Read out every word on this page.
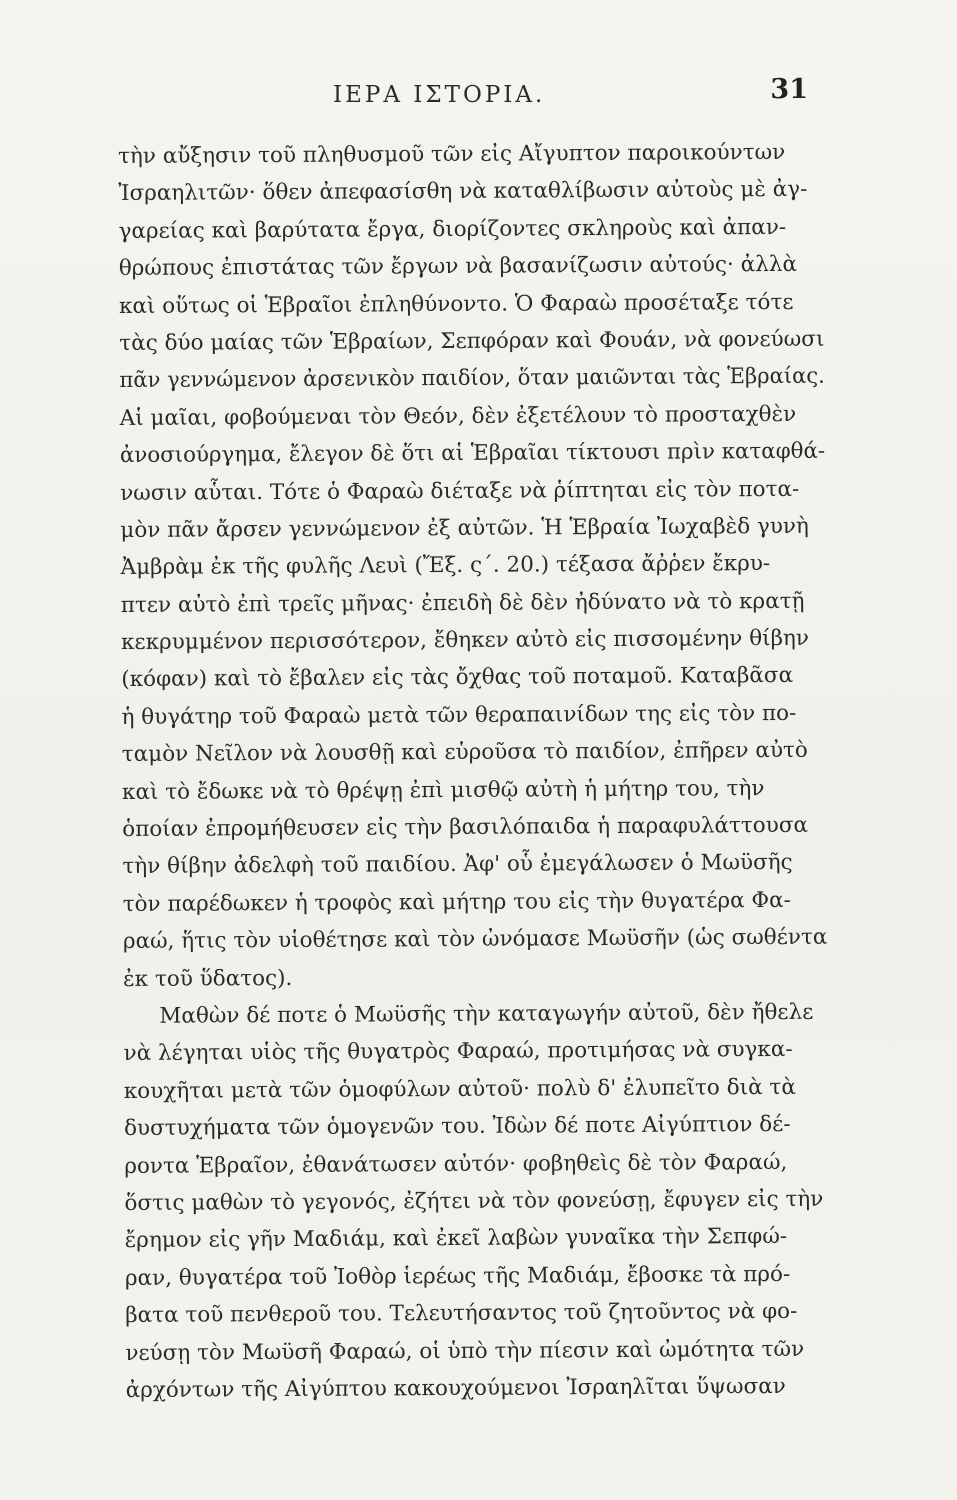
ΙΕΡΑ ΙΣΤΟΡΙΑ.	31
τὴν αὔξησιν τοῦ πληθυσμοῦ τῶν εἰς Αἴγυπτον παροικούντων
Ἰσραηλιτῶν· ὅθεν ἀπεφασίσθη νὰ καταθλίβωσιν αὐτοὺς μὲ ἀγ-
γαρείας καὶ βαρύτατα ἔργα, διορίζοντες σκληροὺς καὶ ἀπαν-
θρώπους ἐπιστάτας τῶν ἔργων νὰ βασανίζωσιν αὐτούς· ἀλλὰ
καὶ οὕτως οἱ Ἑβραῖοι ἐπληθύνοντο. Ὁ Φαραὼ προσέταξε τότε
τὰς δύο μαίας τῶν Ἑβραίων, Σεπφόραν καὶ Φουάν, νὰ φονεύωσι
πᾶν γεννώμενον ἀρσενικὸν παιδίον, ὅταν μαιῶνται τὰς Ἑβραίας.
Αἱ μαῖαι, φοβούμεναι τὸν Θεόν, δὲν ἐξετέλουν τὸ προσταχθὲν
ἀνοσιούργημα, ἔλεγον δὲ ὅτι αἱ Ἑβραῖαι τίκτουσι πρὶν καταφθά-
νωσιν αὗται. Τότε ὁ Φαραὼ διέταξε νὰ ῥίπτηται εἰς τὸν ποτα-
μὸν πᾶν ἄρσεν γεννώμενον ἐξ αὐτῶν. Ἡ Ἑβραία Ἰωχαβὲδ γυνὴ
Ἀμβρὰμ ἐκ τῆς φυλῆς Λευὶ (Ἔξ. ς΄. 20.) τέξασα ἄῤῥεν ἔκρυ-
πτεν αὐτὸ ἐπὶ τρεῖς μῆνας· ἐπειδὴ δὲ δὲν ἠδύνατο νὰ τὸ κρατῇ
κεκρυμμένον περισσότερον, ἔθηκεν αὐτὸ εἰς πισσομένην θίβην
(κόφαν) καὶ τὸ ἔβαλεν εἰς τὰς ὄχθας τοῦ ποταμοῦ. Καταβᾶσα
ἡ θυγάτηρ τοῦ Φαραὼ μετὰ τῶν θεραπαινίδων της εἰς τὸν πο-
ταμὸν Νεῖλον νὰ λουσθῇ καὶ εὑροῦσα τὸ παιδίον, ἐπῆρεν αὐτὸ
καὶ τὸ ἔδωκε νὰ τὸ θρέψῃ ἐπὶ μισθῷ αὐτὴ ἡ μήτηρ του, τὴν
ὁποίαν ἐπρομήθευσεν εἰς τὴν βασιλόπαιδα ἡ παραφυλάττουσα
τὴν θίβην ἀδελφὴ τοῦ παιδίου. Ἀφ' οὗ ἐμεγάλωσεν ὁ Μωϋσῆς
τὸν παρέδωκεν ἡ τροφὸς καὶ μήτηρ του εἰς τὴν θυγατέρα Φα-
ραώ, ἥτις τὸν υἱοθέτησε καὶ τὸν ὠνόμασε Μωϋσῆν (ὡς σωθέντα
ἐκ τοῦ ὕδατος).
Μαθὼν δέ ποτε ὁ Μωϋσῆς τὴν καταγωγήν αὐτοῦ, δὲν ἤθελε
νὰ λέγηται υἱὸς τῆς θυγατρὸς Φαραώ, προτιμήσας νὰ συγκα-
κουχῆται μετὰ τῶν ὁμοφύλων αὐτοῦ· πολὺ δ' ἐλυπεῖτο διὰ τὰ
δυστυχήματα τῶν ὁμογενῶν του. Ἰδὼν δέ ποτε Αἰγύπτιον δέ-
ροντα Ἑβραῖον, ἐθανάτωσεν αὐτόν· φοβηθεὶς δὲ τὸν Φαραώ,
ὅστις μαθὼν τὸ γεγονός, ἐζήτει νὰ τὸν φονεύσῃ, ἔφυγεν εἰς τὴν
ἔρημον εἰς γῆν Μαδιάμ, καὶ ἐκεῖ λαβὼν γυναῖκα τὴν Σεπφώ-
ραν, θυγατέρα τοῦ Ἰοθὸρ ἱερέως τῆς Μαδιάμ, ἔβοσκε τὰ πρό-
βατα τοῦ πενθεροῦ του. Τελευτήσαντος τοῦ ζητοῦντος νὰ φο-
νεύσῃ τὸν Μωϋσῆ Φαραώ, οἱ ὑπὸ τὴν πίεσιν καὶ ὠμότητα τῶν
ἀρχόντων τῆς Αἰγύπτου κακουχούμενοι Ἰσραηλῖται ὕψωσαν
